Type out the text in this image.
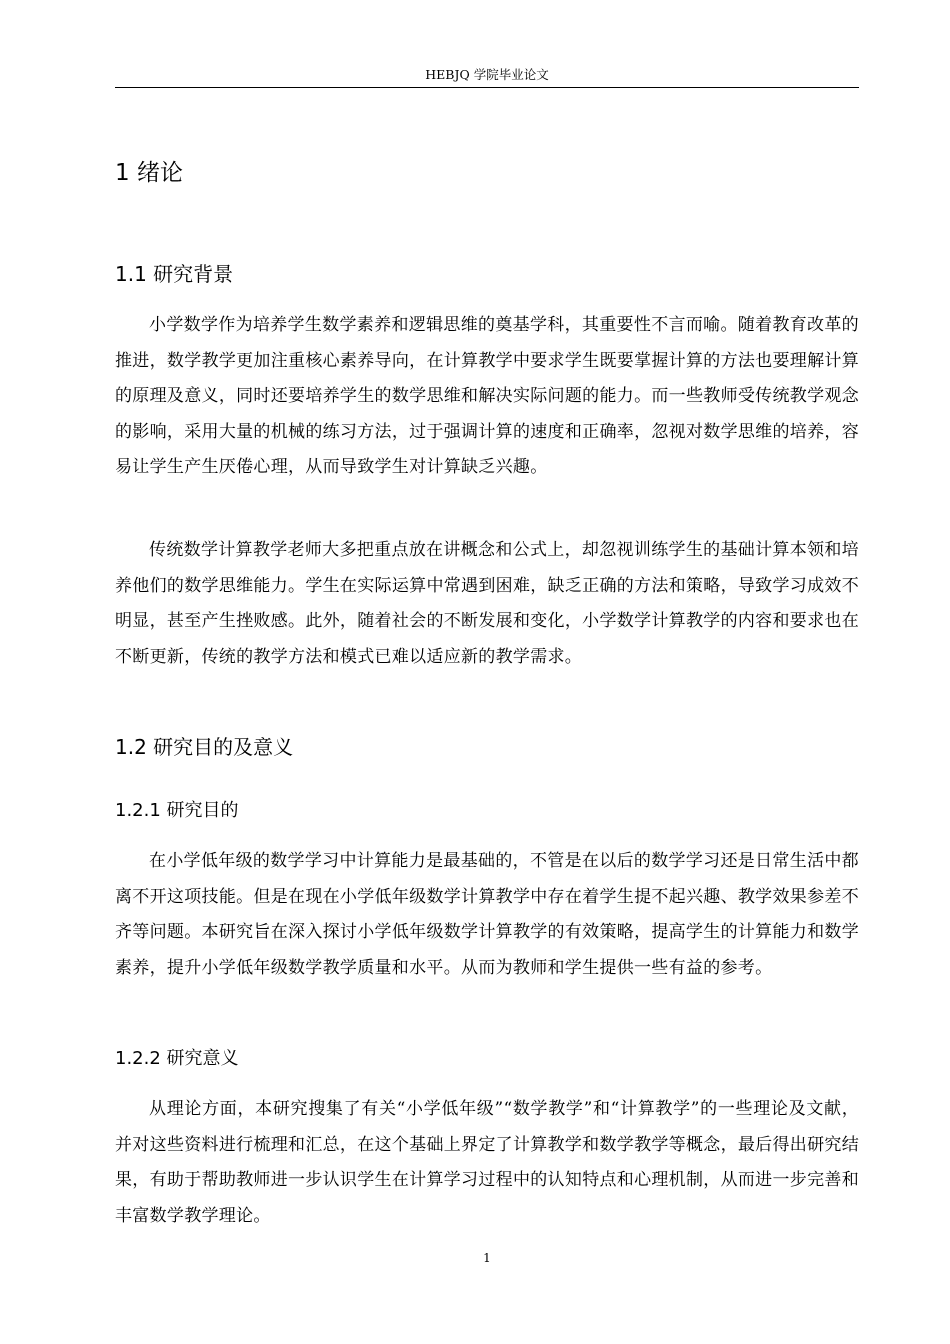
HEBJQ 学院毕业论文
1 绪论
1.1 研究背景

小学数学作为培养学生数学素养和逻辑思维的奠基学科，其重要性不言而喻。随着教育改革的推进，数学教学更加注重核心素养导向，在计算教学中要求学生既要掌握计算的方法也要理解计算的原理及意义，同时还要培养学生的数学思维和解决实际问题的能力。而一些教师受传统教学观念的影响，采用大量的机械的练习方法，过于强调计算的速度和正确率，忽视对数学思维的培养，容易让学生产生厌倦心理，从而导致学生对计算缺乏兴趣。

传统数学计算教学老师大多把重点放在讲概念和公式上，却忽视训练学生的基础计算本领和培养他们的数学思维能力。学生在实际运算中常遇到困难，缺乏正确的方法和策略，导致学习成效不明显，甚至产生挫败感。此外，随着社会的不断发展和变化，小学数学计算教学的内容和要求也在不断更新，传统的教学方法和模式已难以适应新的教学需求。

1.2 研究目的及意义
1.2.1 研究目的

在小学低年级的数学学习中计算能力是最基础的，不管是在以后的数学学习还是日常生活中都离不开这项技能。但是在现在小学低年级数学计算教学中存在着学生提不起兴趣、教学效果参差不齐等问题。本研究旨在深入探讨小学低年级数学计算教学的有效策略，提高学生的计算能力和数学素养，提升小学低年级数学教学质量和水平。从而为教师和学生提供一些有益的参考。

1.2.2 研究意义

从理论方面，本研究搜集了有关“小学低年级”“数学教学”和“计算教学”的一些理论及文献，并对这些资料进行梳理和汇总，在这个基础上界定了计算教学和数学教学等概念，最后得出研究结果，有助于帮助教师进一步认识学生在计算学习过程中的认知特点和心理机制，从而进一步完善和丰富数学教学理论。

1
